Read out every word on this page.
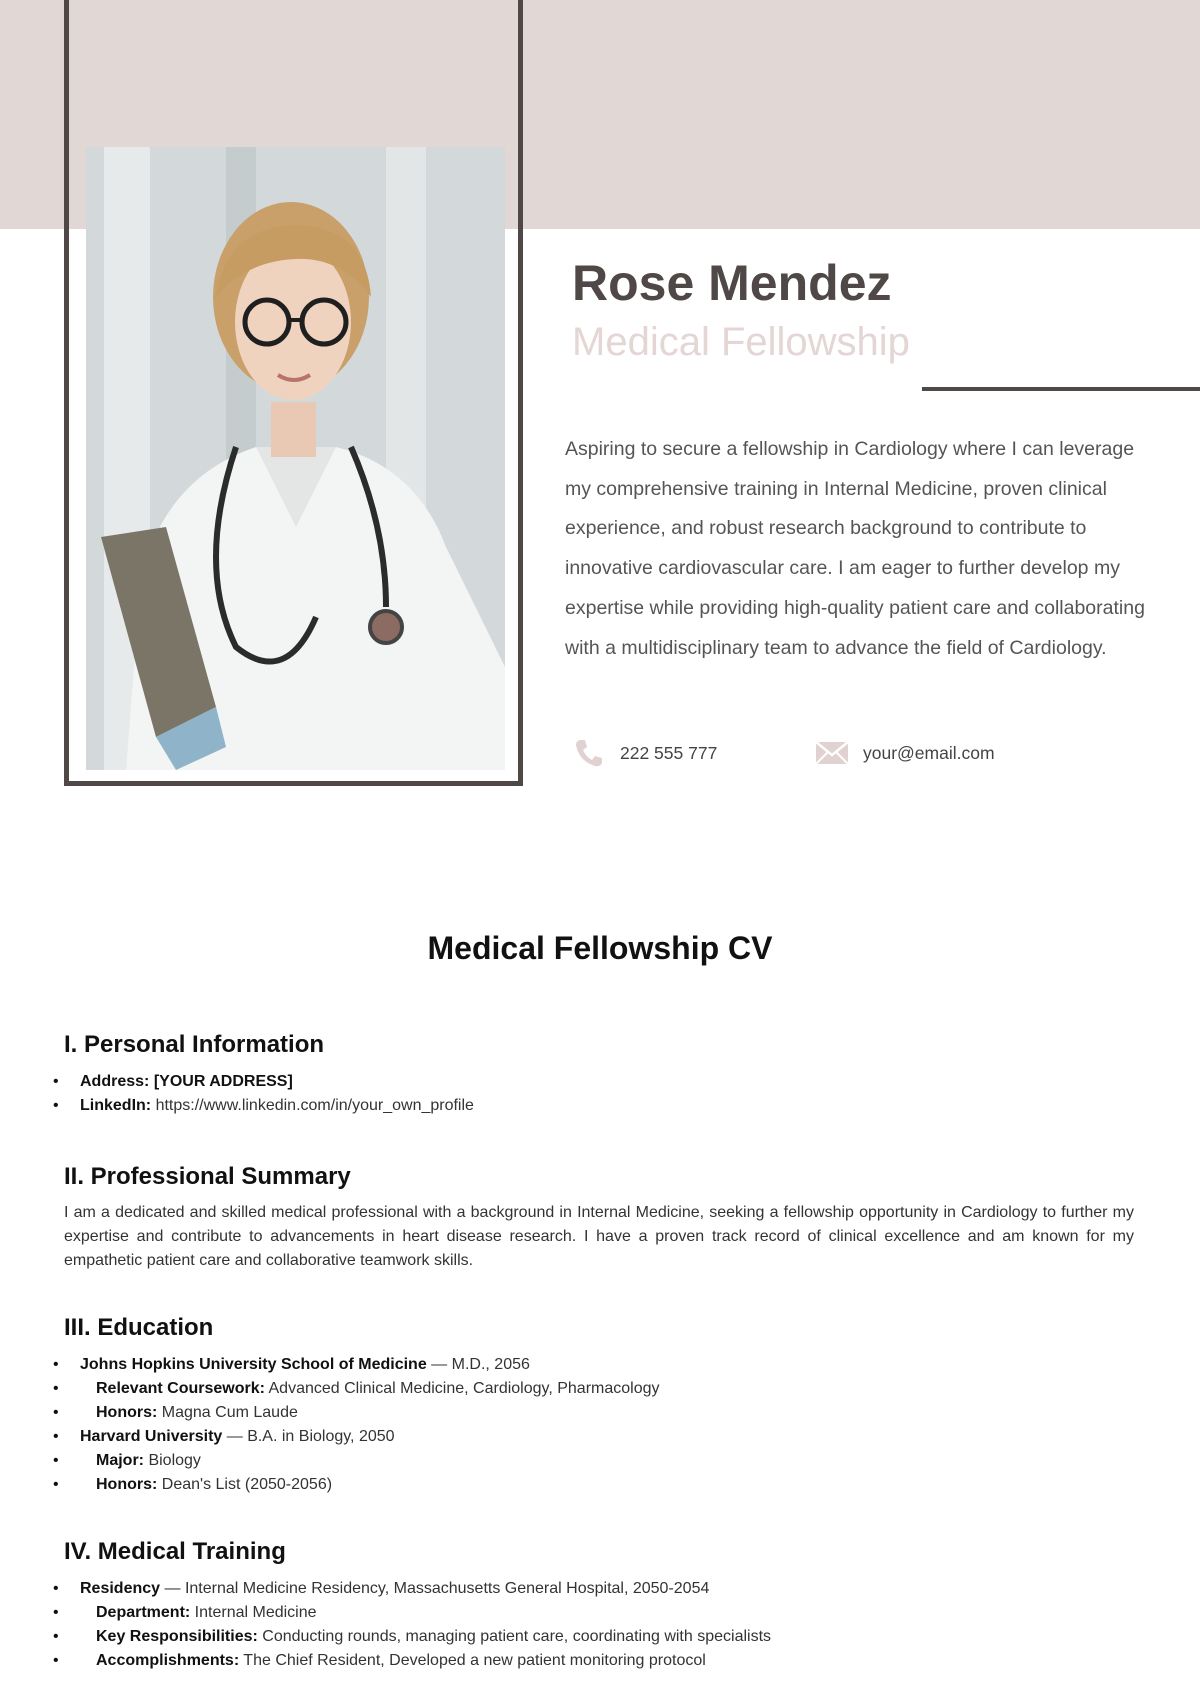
Rose Mendez
Medical Fellowship

Aspiring to secure a fellowship in Cardiology where I can leverage my comprehensive training in Internal Medicine, proven clinical experience, and robust research background to contribute to innovative cardiovascular care. I am eager to further develop my expertise while providing high-quality patient care and collaborating with a multidisciplinary team to advance the field of Cardiology.

222 555 777	your@email.com
Medical Fellowship CV
I. Personal Information
• Address: [YOUR ADDRESS]
• LinkedIn: https://www.linkedin.com/in/your_own_profile
II. Professional Summary

I am a dedicated and skilled medical professional with a background in Internal Medicine, seeking a fellowship opportunity in Cardiology to further my expertise and contribute to advancements in heart disease research. I have a proven track record of clinical excellence and am known for my empathetic patient care and collaborative teamwork skills.

III. Education
• Johns Hopkins University School of Medicine — M.D., 2056
• Relevant Coursework: Advanced Clinical Medicine, Cardiology, Pharmacology
• Honors: Magna Cum Laude
• Harvard University — B.A. in Biology, 2050
• Major: Biology
• Honors: Dean's List (2050-2056)
IV. Medical Training
• Residency — Internal Medicine Residency, Massachusetts General Hospital, 2050-2054
• Department: Internal Medicine
• Key Responsibilities: Conducting rounds, managing patient care, coordinating with specialists
• Accomplishments: The Chief Resident, Developed a new patient monitoring protocol
